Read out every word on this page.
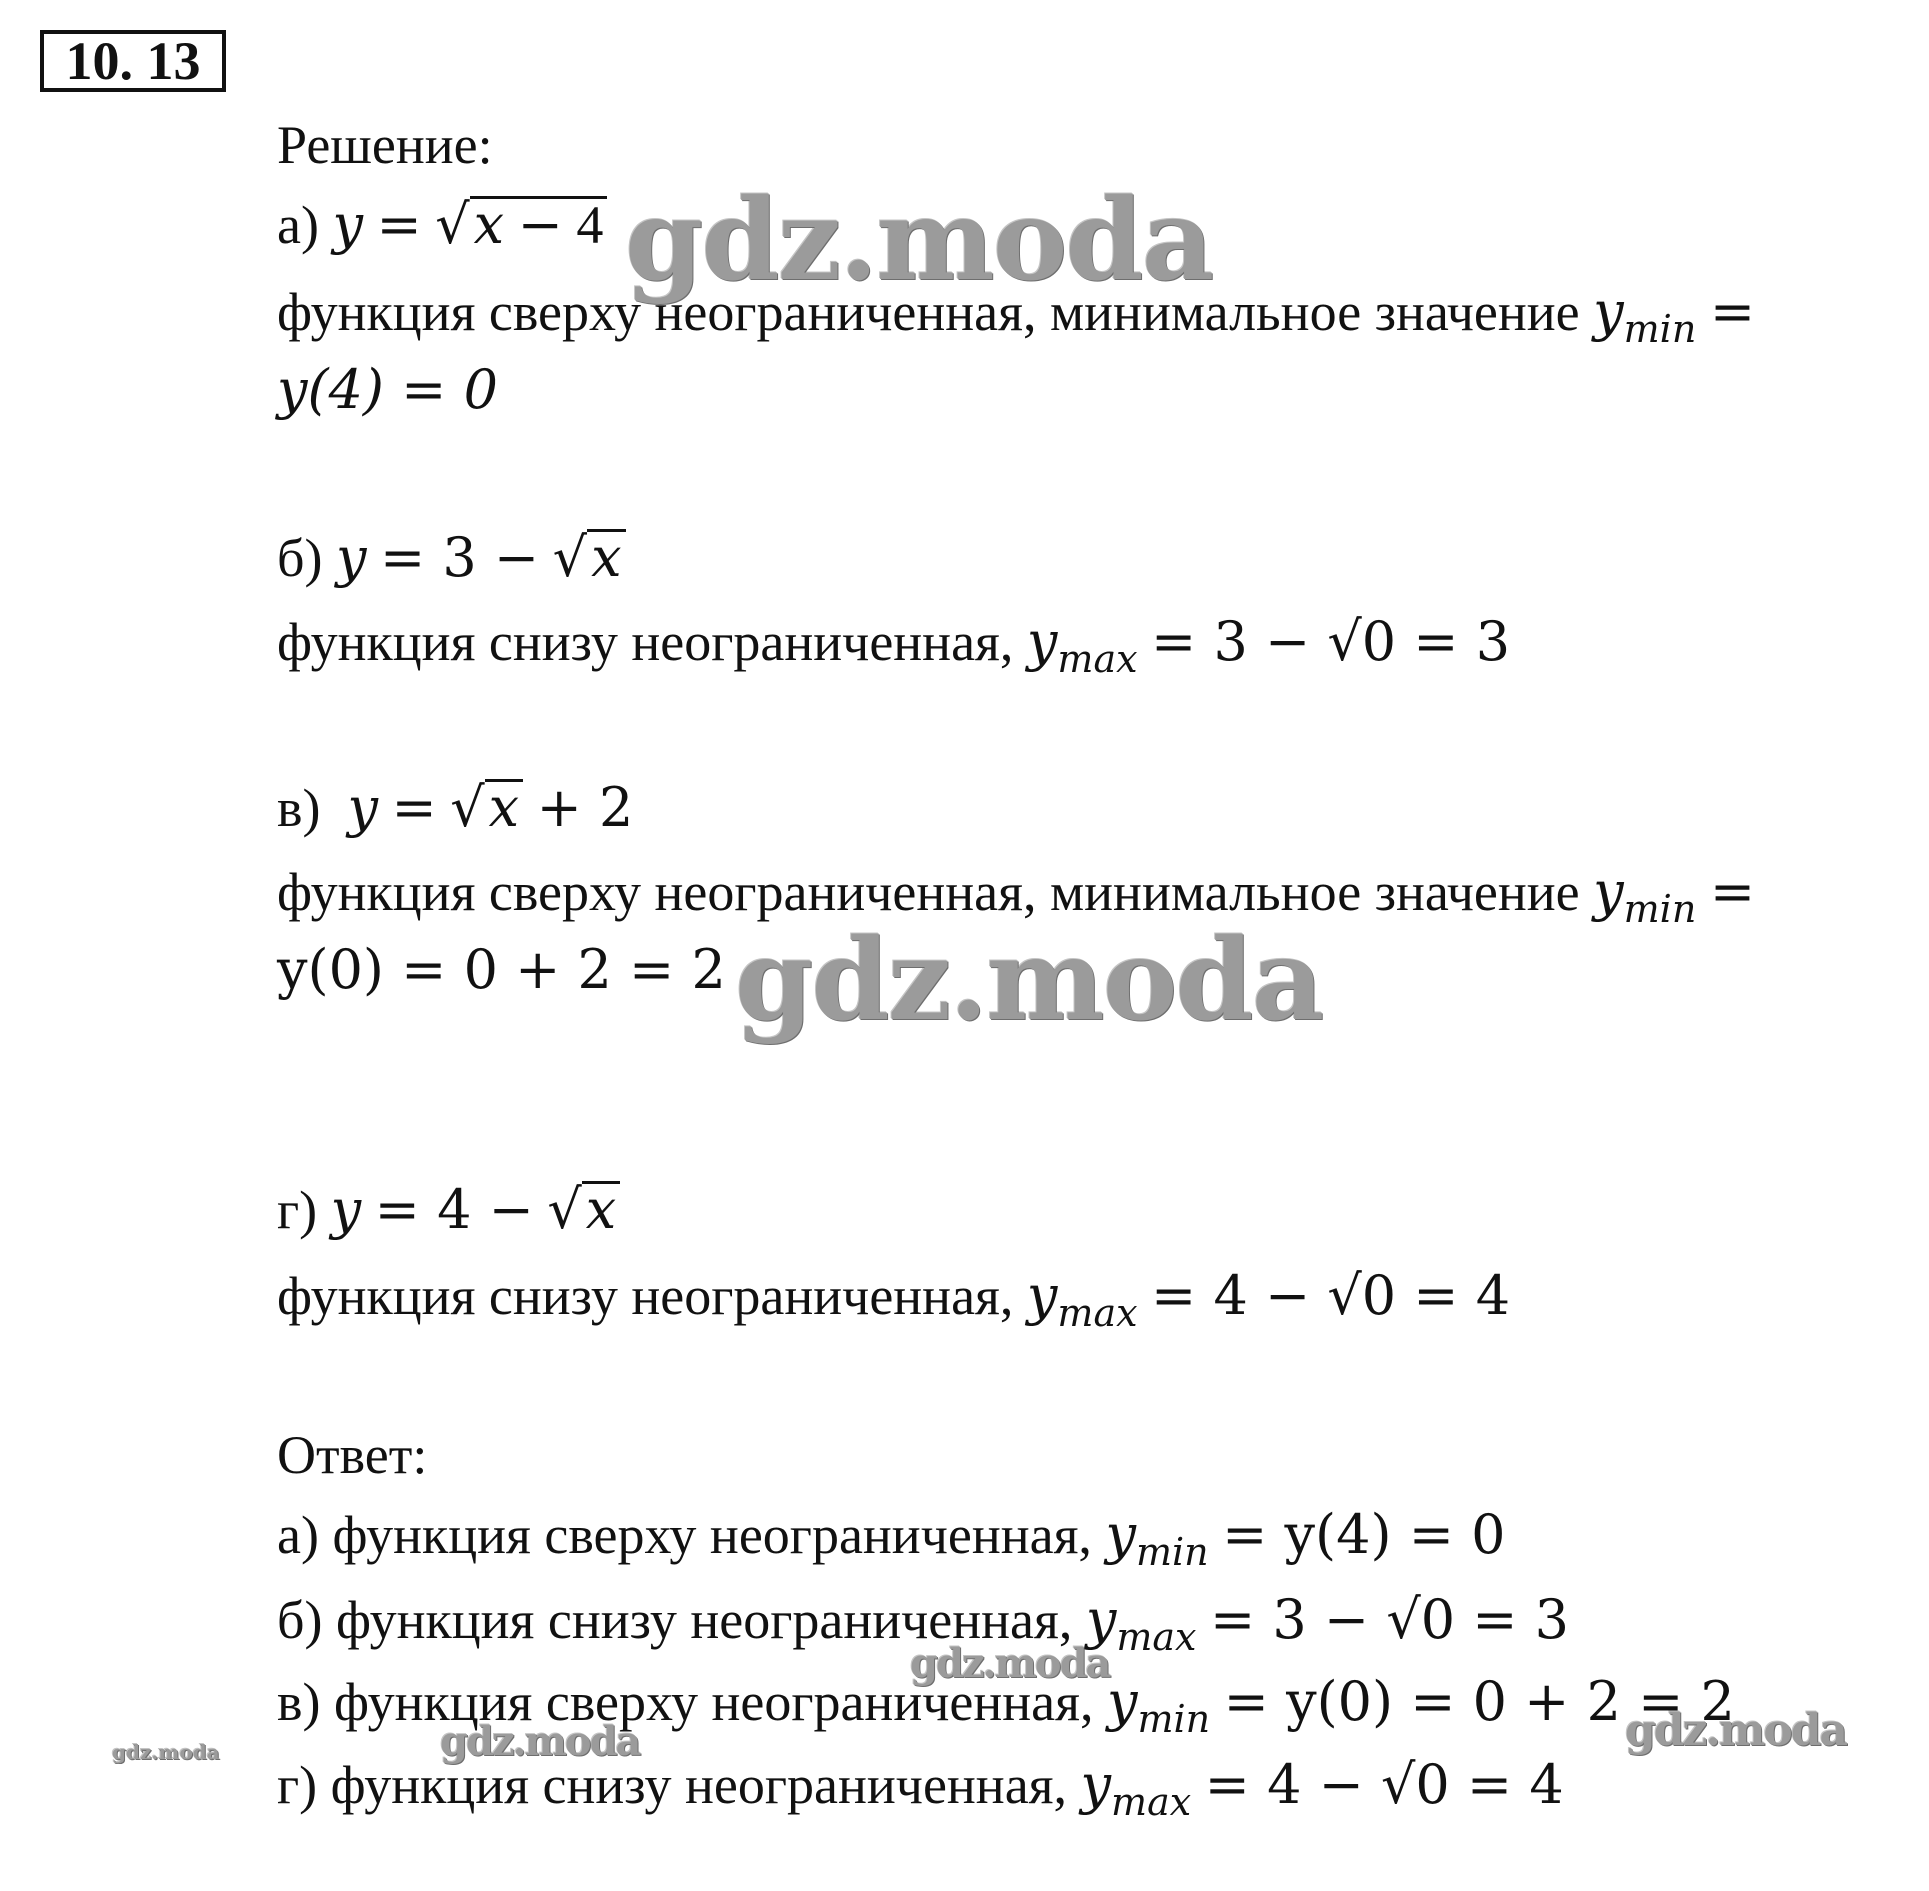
10. 13
Решение:
а) y = √x − 4
функция сверху неограниченная, минимальное значение $y_{min}$ =
y(4) = 0
б) y = 3 − √x
функция снизу неограниченная, $y_{max} = 3 - √0 = 3$
в) y = √x + 2
функция сверху неограниченная, минимальное значение $y_{min}$ =
y(0) = 0 + 2 = 2
г) y = 4 − √x
функция снизу неограниченная, $y_{max} = 4 - √0 = 4$
Ответ:
а) функция сверху неограниченная, $y_{min} = y(4) = 0$
б) функция снизу неограниченная, $y_{max} = 3 - √0 = 3$
в) функция сверху неограниченная, $y_{min} = y(0) = 0 + 2 = 2$
г) функция снизу неограниченная, $y_{max} = 4 - √0 = 4$
gdz.moda
gdz.moda
gdz.moda
gdz.moda	gdz.moda
gdz.moda
